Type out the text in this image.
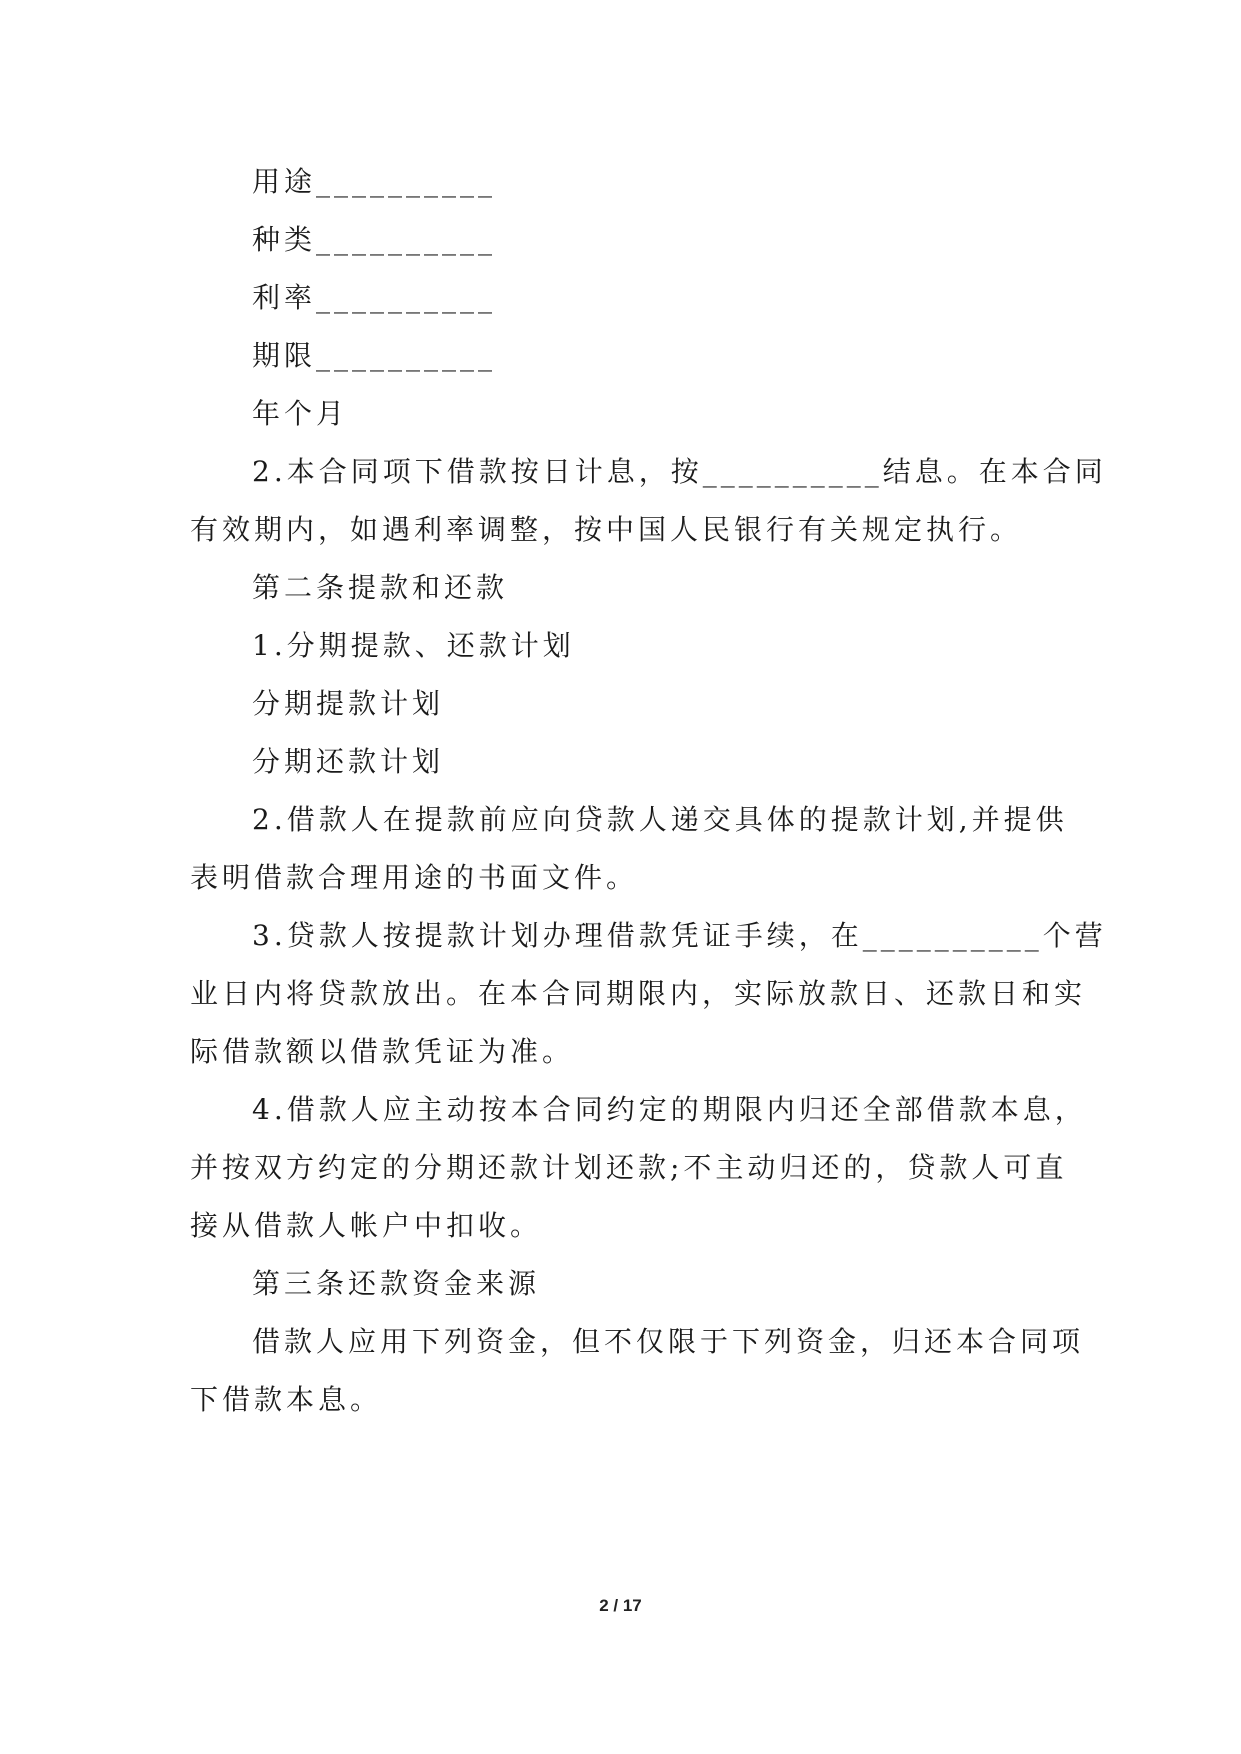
用途__________
种类__________
利率__________
期限__________
年个月
2.本合同项下借款按日计息，按__________结息。在本合同
有效期内，如遇利率调整，按中国人民银行有关规定执行。
第二条提款和还款
1.分期提款、还款计划
分期提款计划
分期还款计划
2.借款人在提款前应向贷款人递交具体的提款计划,并提供
表明借款合理用途的书面文件。
3.贷款人按提款计划办理借款凭证手续，在__________个营
业日内将贷款放出。在本合同期限内，实际放款日、还款日和实
际借款额以借款凭证为准。
4.借款人应主动按本合同约定的期限内归还全部借款本息，
并按双方约定的分期还款计划还款;不主动归还的，贷款人可直
接从借款人帐户中扣收。
第三条还款资金来源
借款人应用下列资金，但不仅限于下列资金，归还本合同项
下借款本息。
2 / 17
